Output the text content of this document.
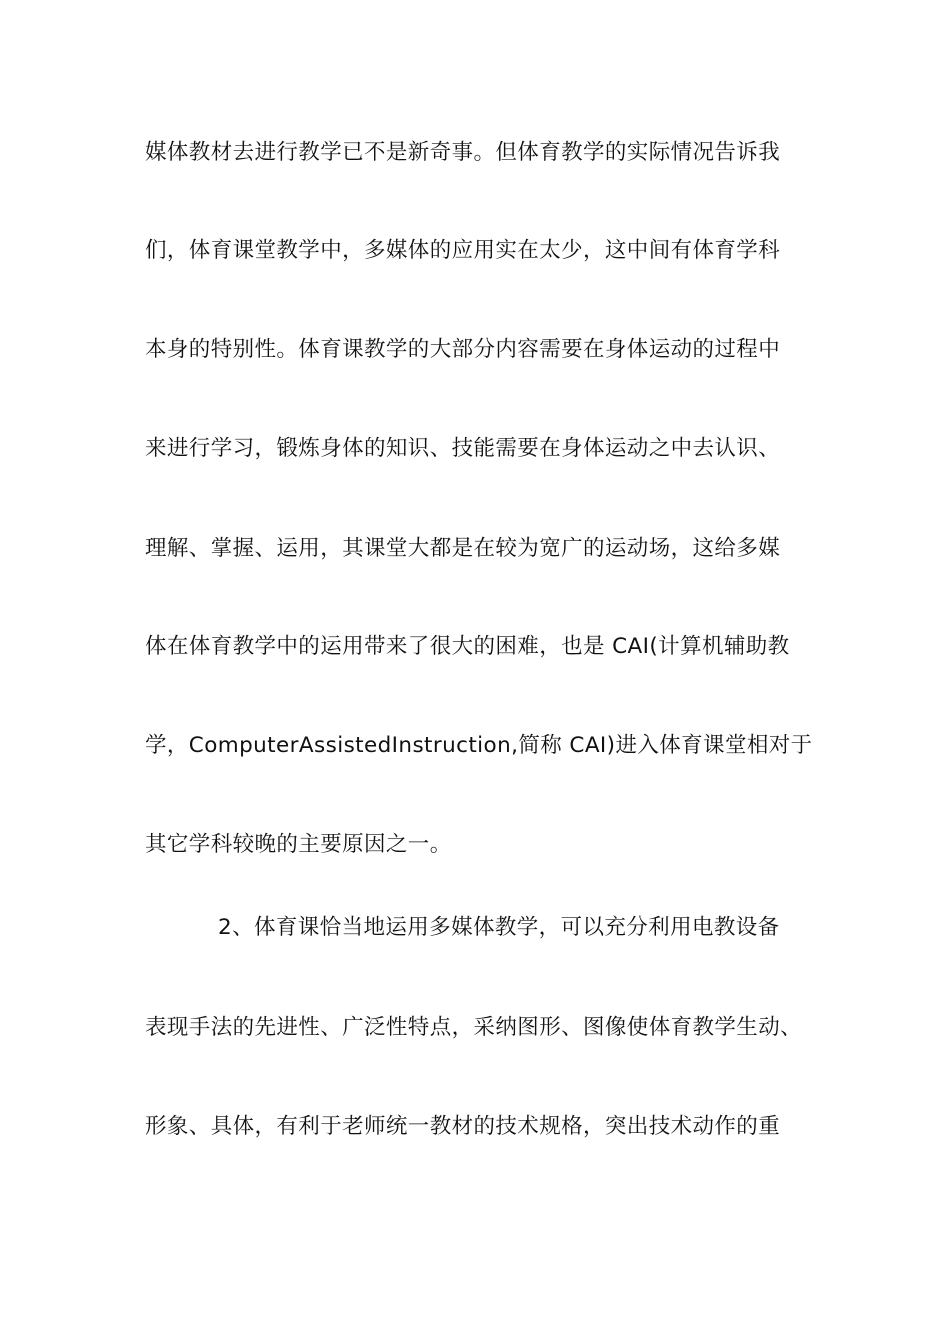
媒体教材去进行教学已不是新奇事。但体育教学的实际情况告诉我
们，体育课堂教学中，多媒体的应用实在太少，这中间有体育学科
本身的特别性。体育课教学的大部分内容需要在身体运动的过程中
来进行学习，锻炼身体的知识、技能需要在身体运动之中去认识、
理解、掌握、运用，其课堂大都是在较为宽广的运动场，这给多媒
体在体育教学中的运用带来了很大的困难，也是 CAI(计算机辅助教
学，ComputerAssistedInstruction,简称 CAI)进入体育课堂相对于
其它学科较晚的主要原因之一。
2、体育课恰当地运用多媒体教学，可以充分利用电教设备
表现手法的先进性、广泛性特点，采纳图形、图像使体育教学生动、
形象、具体，有利于老师统一教材的技术规格，突出技术动作的重
